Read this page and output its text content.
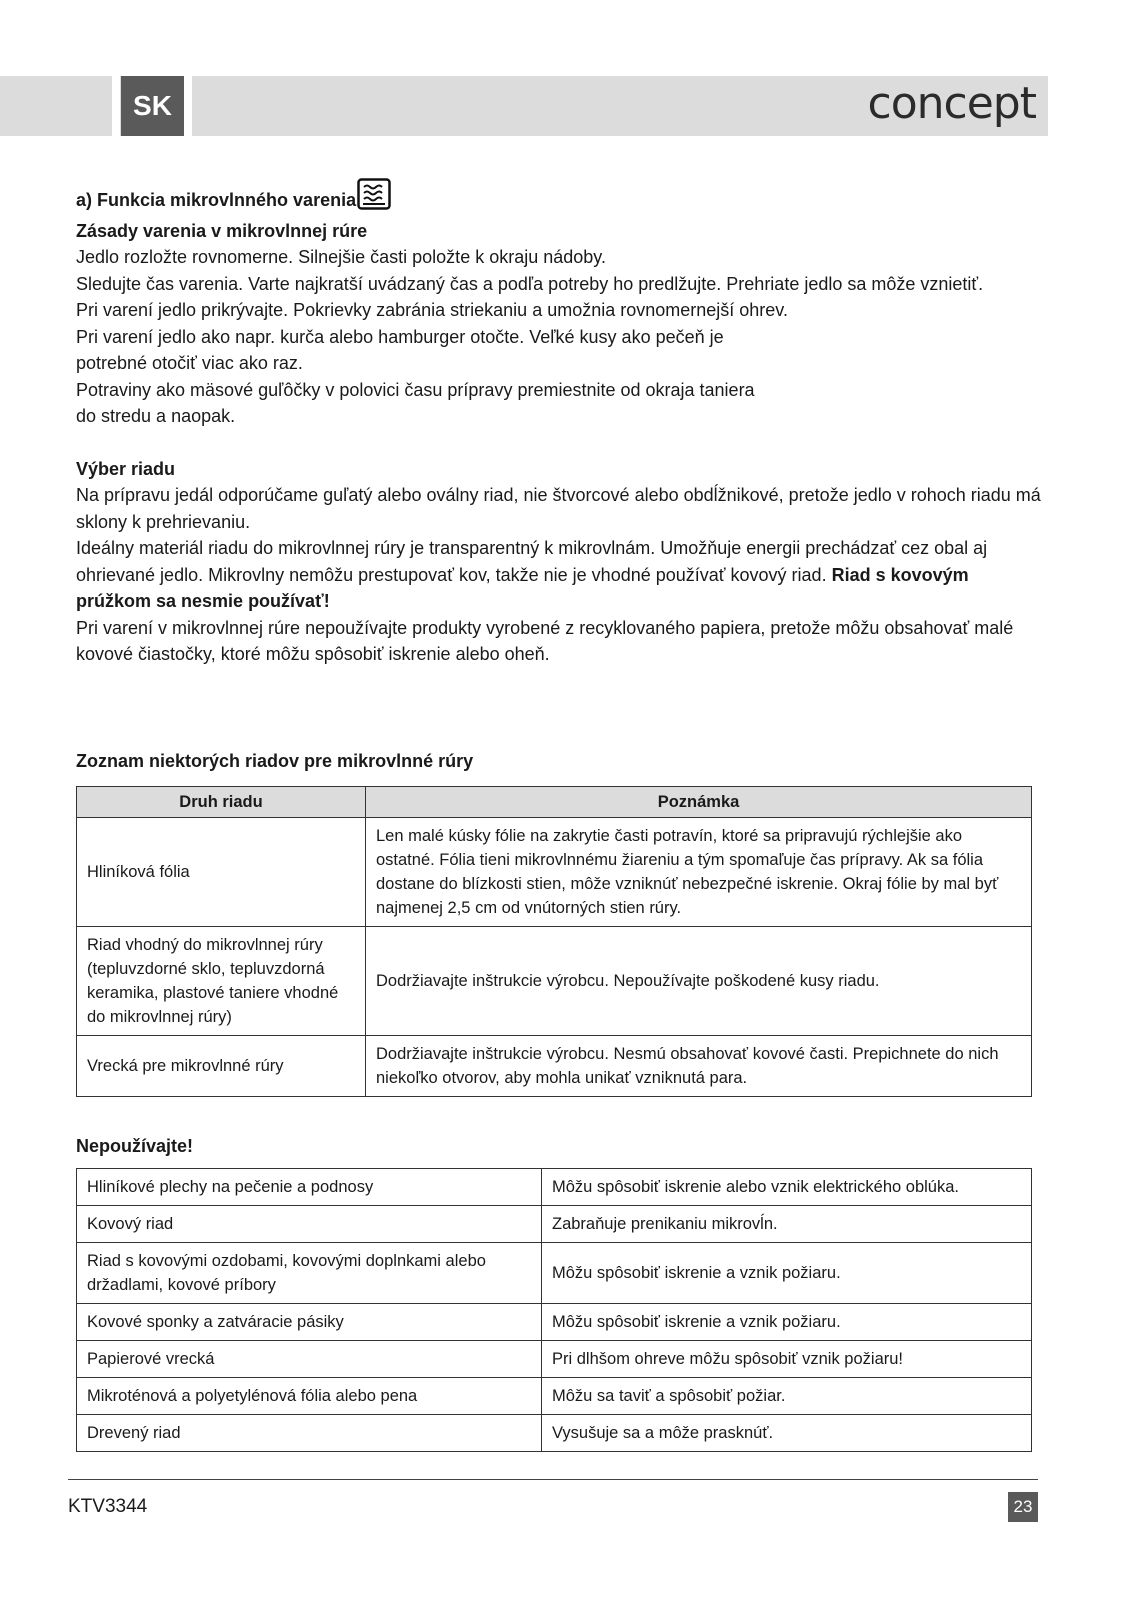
SK	concept

a) Funkcia mikrovlnného varenia

Zásady varenia v mikrovlnnej rúre

Jedlo rozložte rovnomerne. Silnejšie časti položte k okraju nádoby.

Sledujte čas varenia. Varte najkratší uvádzaný čas a podľa potreby ho predlžujte. Prehriate jedlo sa môže vznietiť.

Pri varení jedlo prikrývajte. Pokrievky zabránia striekaniu a umožnia rovnomernejší ohrev.

Pri varení jedlo ako napr. kurča alebo hamburger otočte. Veľké kusy ako pečeň je

potrebné otočiť viac ako raz.

Potraviny ako mäsové guľôčky v polovici času prípravy premiestnite od okraja taniera

do stredu a naopak.

Výber riadu

Na prípravu jedál odporúčame guľatý alebo oválny riad, nie štvorcové alebo obdĺžnikové, pretože jedlo v rohoch riadu má sklony k prehrievaniu.

Ideálny materiál riadu do mikrovlnnej rúry je transparentný k mikrovlnám. Umožňuje energii prechádzať cez obal aj ohrievané jedlo. Mikrovlny nemôžu prestupovať kov, takže nie je vhodné používať kovový riad. Riad s kovovým prúžkom sa nesmie používať!

Pri varení v mikrovlnnej rúre nepoužívajte produkty vyrobené z recyklovaného papiera, pretože môžu obsahovať malé kovové čiastočky, ktoré môžu spôsobiť iskrenie alebo oheň.

Zoznam niektorých riadov pre mikrovlnné rúry

Druh riadu	Poznámka
Hliníková fólia	Len malé kúsky fólie na zakrytie časti potravín, ktoré sa pripravujú rýchlejšie ako ostatné. Fólia tieni mikrovlnnému žiareniu a tým spomaľuje čas prípravy. Ak sa fólia dostane do blízkosti stien, môže vzniknúť nebezpečné iskrenie. Okraj fólie by mal byť najmenej 2,5 cm od vnútorných stien rúry.
Riad vhodný do mikrovlnnej rúry (tepluvzdorné sklo, tepluvzdorná keramika, plastové taniere vhodné do mikrovlnnej rúry)	Dodržiavajte inštrukcie výrobcu. Nepoužívajte poškodené kusy riadu.
Vrecká pre mikrovlnné rúry	Dodržiavajte inštrukcie výrobcu. Nesmú obsahovať kovové časti. Prepichnete do nich niekoľko otvorov, aby mohla unikať vzniknutá para.

Nepoužívajte!

Hliníkové plechy na pečenie a podnosy	Môžu spôsobiť iskrenie alebo vznik elektrického oblúka.
Kovový riad	Zabraňuje prenikaniu mikrovĺn.
Riad s kovovými ozdobami, kovovými doplnkami alebo držadlami, kovové príbory	Môžu spôsobiť iskrenie a vznik požiaru.
Kovové sponky a zatváracie pásiky	Môžu spôsobiť iskrenie a vznik požiaru.
Papierové vrecká	Pri dlhšom ohreve môžu spôsobiť vznik požiaru!
Mikroténová a polyetylénová fólia alebo pena	Môžu sa taviť a spôsobiť požiar.
Drevený riad	Vysušuje sa a môže prasknúť.
KTV3344	23
